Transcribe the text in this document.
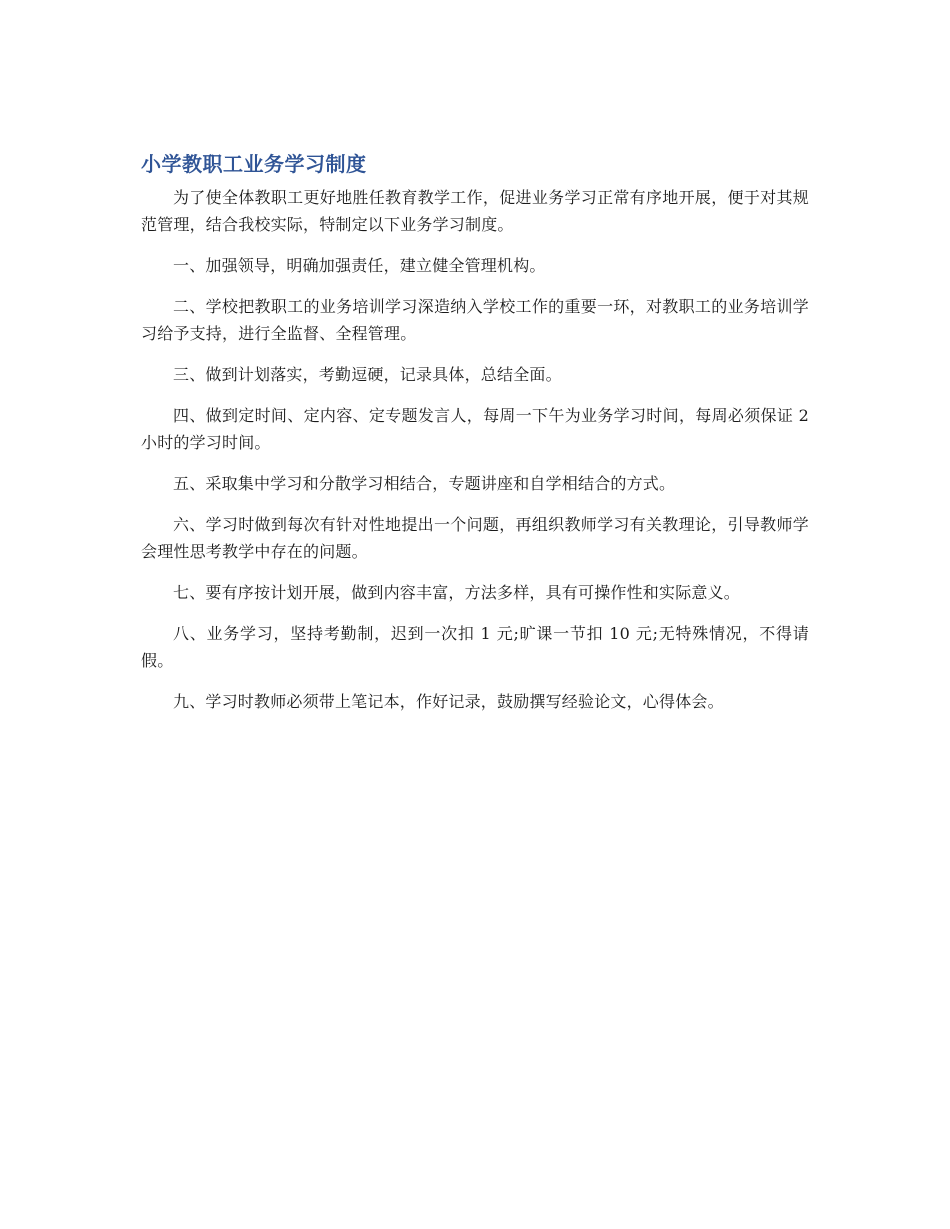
小学教职工业务学习制度

为了使全体教职工更好地胜任教育教学工作，促进业务学习正常有序地开展，便于对其规范管理，结合我校实际，特制定以下业务学习制度。

一、加强领导，明确加强责任，建立健全管理机构。

二、学校把教职工的业务培训学习深造纳入学校工作的重要一环，对教职工的业务培训学习给予支持，进行全监督、全程管理。

三、做到计划落实，考勤逗硬，记录具体，总结全面。

四、做到定时间、定内容、定专题发言人，每周一下午为业务学习时间，每周必须保证 2 小时的学习时间。

五、采取集中学习和分散学习相结合，专题讲座和自学相结合的方式。

六、学习时做到每次有针对性地提出一个问题，再组织教师学习有关教理论，引导教师学会理性思考教学中存在的问题。

七、要有序按计划开展，做到内容丰富，方法多样，具有可操作性和实际意义。

八、业务学习，坚持考勤制，迟到一次扣 1 元;旷课一节扣 10 元;无特殊情况，不得请假。

九、学习时教师必须带上笔记本，作好记录，鼓励撰写经验论文，心得体会。
